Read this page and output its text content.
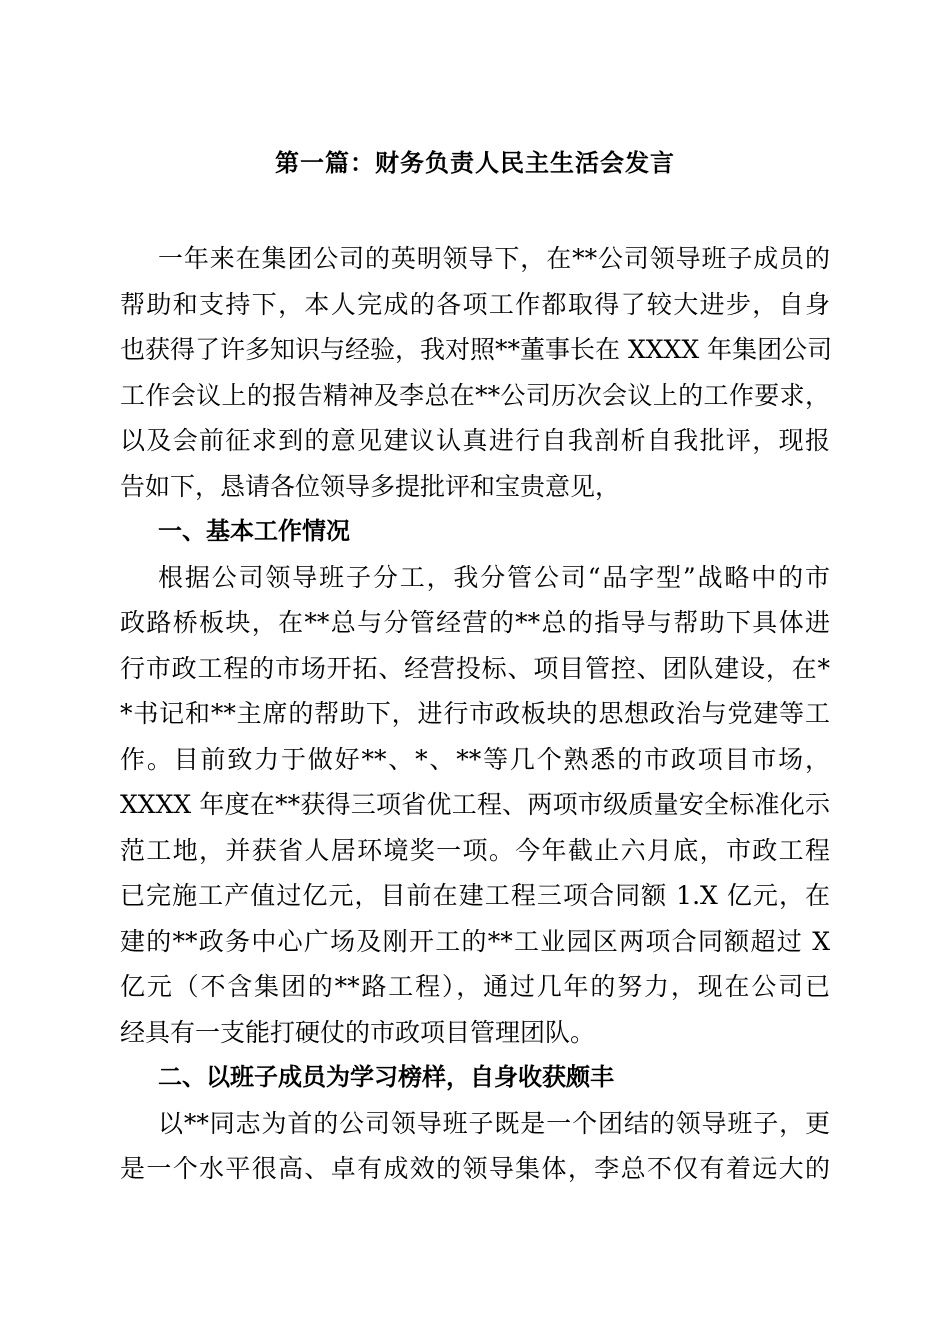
第一篇：财务负责人民主生活会发言
一年来在集团公司的英明领导下，在**公司领导班子成员的
帮助和支持下，本人完成的各项工作都取得了较大进步，自身
也获得了许多知识与经验，我对照**董事长在 XXXX 年集团公司
工作会议上的报告精神及李总在**公司历次会议上的工作要求，
以及会前征求到的意见建议认真进行自我剖析自我批评，现报
告如下，恳请各位领导多提批评和宝贵意见，
一、基本工作情况
根据公司领导班子分工，我分管公司“品字型”战略中的市
政路桥板块，在**总与分管经营的**总的指导与帮助下具体进
行市政工程的市场开拓、经营投标、项目管控、团队建设，在*
*书记和**主席的帮助下，进行市政板块的思想政治与党建等工
作。目前致力于做好**、*、**等几个熟悉的市政项目市场，
XXXX 年度在**获得三项省优工程、两项市级质量安全标准化示
范工地，并获省人居环境奖一项。今年截止六月底，市政工程
已完施工产值过亿元，目前在建工程三项合同额 1.X 亿元，在
建的**政务中心广场及刚开工的**工业园区两项合同额超过 X
亿元（不含集团的**路工程），通过几年的努力，现在公司已
经具有一支能打硬仗的市政项目管理团队。
二、以班子成员为学习榜样，自身收获颇丰
以**同志为首的公司领导班子既是一个团结的领导班子，更
是一个水平很高、卓有成效的领导集体，李总不仅有着远大的
